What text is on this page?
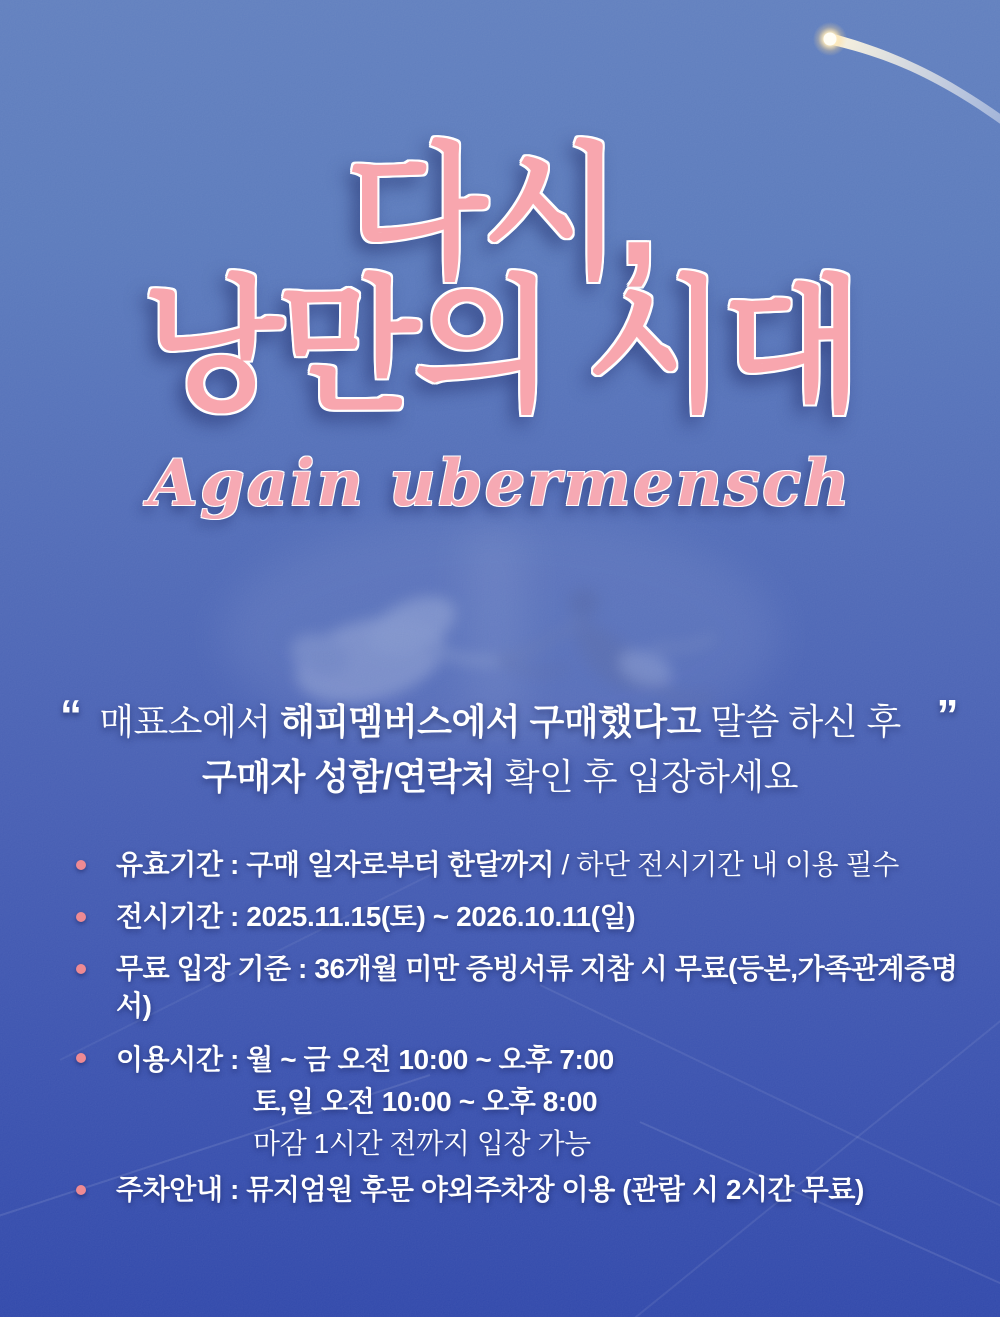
다시,
낭만의 시대
Again ubermensch
“	”

매표소에서 해피멤버스에서 구매했다고 말씀 하신 후

구매자 성함/연락처 확인 후 입장하세요

유효기간 : 구매 일자로부터 한달까지 / 하단 전시기간 내 이용 필수
전시기간 : 2025.11.15(토) ~ 2026.10.11(일)
무료 입장 기준 : 36개월 미만 증빙서류 지참 시 무료(등본,가족관계증명서)
이용시간 : 월 ~ 금 오전 10:00 ~ 오후 7:00
토,일 오전 10:00 ~ 오후 8:00
마감 1시간 전까지 입장 가능
주차안내 : 뮤지엄원 후문 야외주차장 이용 (관람 시 2시간 무료)
